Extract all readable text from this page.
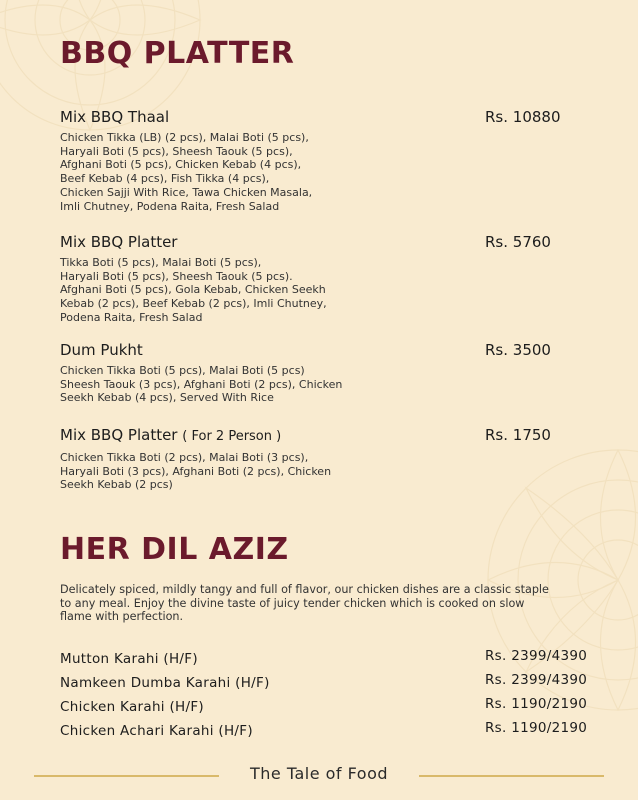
BBQ PLATTER
Mix BBQ Thaal	Rs. 10880
Chicken Tikka (LB) (2 pcs), Malai Boti (5 pcs),
Haryali Boti (5 pcs), Sheesh Taouk (5 pcs),
Afghani Boti (5 pcs), Chicken Kebab (4 pcs),
Beef Kebab (4 pcs), Fish Tikka (4 pcs),
Chicken Sajji With Rice, Tawa Chicken Masala,
Imli Chutney, Podena Raita, Fresh Salad
Mix BBQ Platter	Rs. 5760
Tikka Boti (5 pcs), Malai Boti (5 pcs),
Haryali Boti (5 pcs), Sheesh Taouk (5 pcs).
Afghani Boti (5 pcs), Gola Kebab, Chicken Seekh
Kebab (2 pcs), Beef Kebab (2 pcs), Imli Chutney,
Podena Raita, Fresh Salad
Dum Pukht	Rs. 3500
Chicken Tikka Boti (5 pcs), Malai Boti (5 pcs)
Sheesh Taouk (3 pcs), Afghani Boti (2 pcs), Chicken
Seekh Kebab (4 pcs), Served With Rice
Mix BBQ Platter ( For 2 Person )	Rs. 1750
Chicken Tikka Boti (2 pcs), Malai Boti (3 pcs),
Haryali Boti (3 pcs), Afghani Boti (2 pcs), Chicken
Seekh Kebab (2 pcs)
HER DIL AZIZ
Delicately spiced, mildly tangy and full of flavor, our chicken dishes are a classic staple
to any meal. Enjoy the divine taste of juicy tender chicken which is cooked on slow
flame with perfection.
Mutton Karahi (H/F)	Rs. 2399/4390
Namkeen Dumba Karahi (H/F)	Rs. 2399/4390
Chicken Karahi (H/F)	Rs. 1190/2190
Chicken Achari Karahi (H/F)	Rs. 1190/2190
The Tale of Food
